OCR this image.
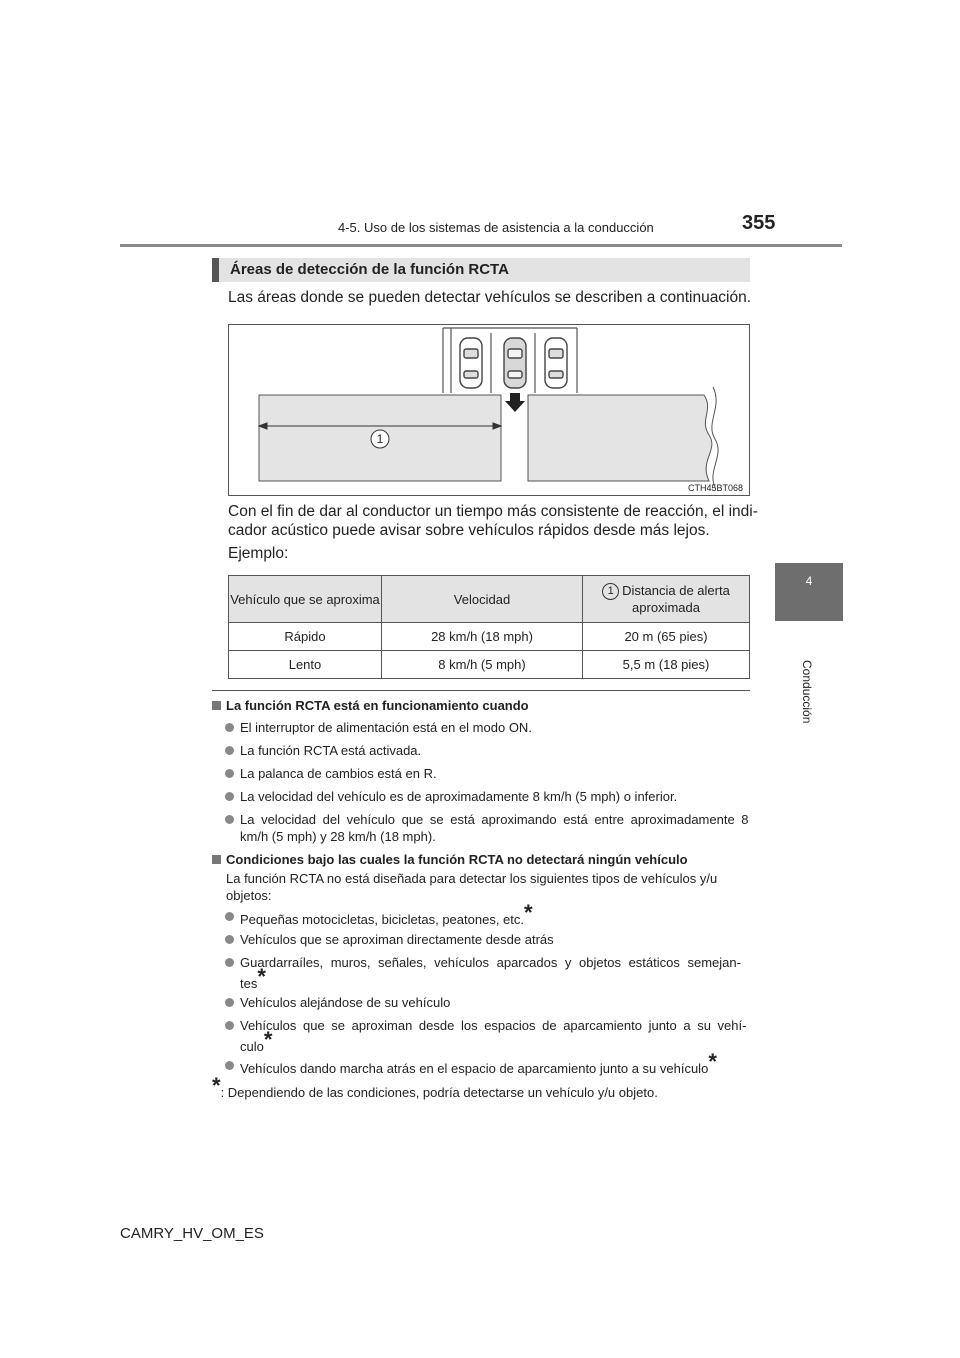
4-5. Uso de los sistemas de asistencia a la conducción	355
4
Conducción
Áreas de detección de la función RCTA
Las áreas donde se pueden detectar vehículos se describen a continuación.
1
CTH45BT068
Con el fin de dar al conductor un tiempo más consistente de reacción, el indi-
cador acústico puede avisar sobre vehículos rápidos desde más lejos.
Ejemplo:
Vehículo que se aproxima	Velocidad	1 Distancia de alerta
aproximada
Rápido	28 km/h (18 mph)	20 m (65 pies)
Lento	8 km/h (5 mph)	5,5 m (18 pies)
La función RCTA está en funcionamiento cuando
El interruptor de alimentación está en el modo ON.
La función RCTA está activada.
La palanca de cambios está en R.
La velocidad del vehículo es de aproximadamente 8 km/h (5 mph) o inferior.
La velocidad del vehículo que se está aproximando está entre aproximadamente 8
km/h (5 mph) y 28 km/h (18 mph).
Condiciones bajo las cuales la función RCTA no detectará ningún vehículo
La función RCTA no está diseñada para detectar los siguientes tipos de vehículos y/u
objetos:
Pequeñas motocicletas, bicicletas, peatones, etc.*
Vehículos que se aproximan directamente desde atrás
Guardarraíles, muros, señales, vehículos aparcados y objetos estáticos semejan-
tes*
Vehículos alejándose de su vehículo
Vehículos que se aproximan desde los espacios de aparcamiento junto a su vehí-
culo*
Vehículos dando marcha atrás en el espacio de aparcamiento junto a su vehículo*
*: Dependiendo de las condiciones, podría detectarse un vehículo y/u objeto.
CAMRY_HV_OM_ES
